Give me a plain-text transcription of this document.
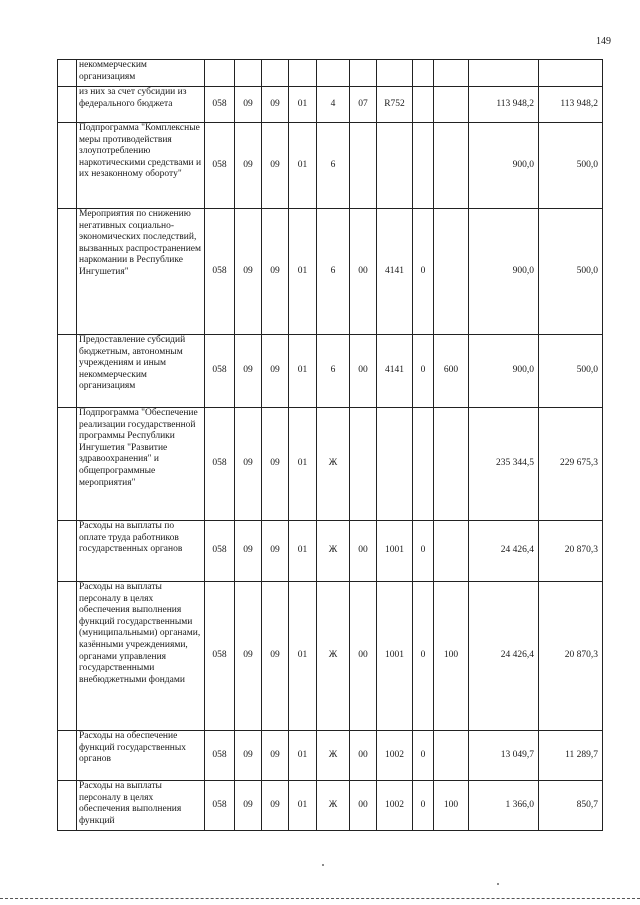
149
	некоммерческим организациям											
	из них за счет субсидии из федерального бюджета	058	09	09	01	4	07	R752			113 948,2	113 948,2
	Подпрограмма "Комплексные меры противодействия злоупотреблению наркотическими средствами и их незаконному обороту"	058	09	09	01	6					900,0	500,0
	Мероприятия по снижению негативных социально-экономических последствий, вызванных распространением наркомании в Республике Ингушетия"	058	09	09	01	6	00	4141	0		900,0	500,0
	Предоставление субсидий бюджетным, автономным учреждениям и иным некоммерческим организациям	058	09	09	01	6	00	4141	0	600	900,0	500,0
	Подпрограмма "Обеспечение реализации государственной программы Республики Ингушетия "Развитие здравоохранения" и общепрограммные мероприятия"	058	09	09	01	Ж					235 344,5	229 675,3
	Расходы на выплаты по оплате труда работников государственных органов	058	09	09	01	Ж	00	1001	0		24 426,4	20 870,3
	Расходы на выплаты персоналу в целях обеспечения выполнения функций государственными (муниципальными) органами, казёнными учреждениями, органами управления государственными внебюджетными фондами	058	09	09	01	Ж	00	1001	0	100	24 426,4	20 870,3
	Расходы на обеспечение функций государственных органов	058	09	09	01	Ж	00	1002	0		13 049,7	11 289,7
	Расходы на выплаты персоналу в целях обеспечения выполнения функций	058	09	09	01	Ж	00	1002	0	100	1 366,0	850,7
